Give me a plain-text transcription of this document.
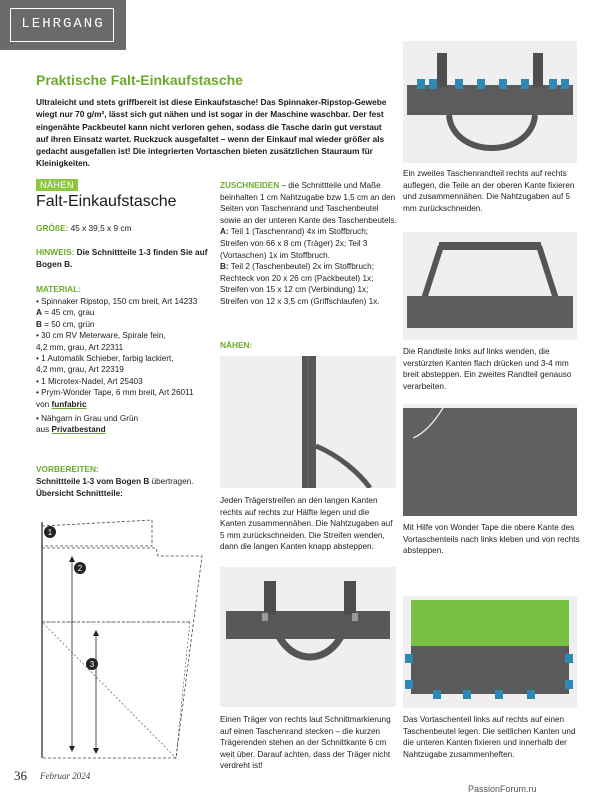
LEHRGANG
Praktische Falt-Einkaufstasche
Ultraleicht und stets griffbereit ist diese Einkaufstasche! Das Spinnaker-Ripstop-Gewebe wiegt nur 70 g/m², lässt sich gut nähen und ist sogar in der Maschine waschbar. Der fest eingenähte Packbeutel kann nicht verloren gehen, sodass die Tasche darin gut verstaut auf ihren Einsatz wartet. Ruckzuck ausgefaltet – wenn der Einkauf mal wieder größer als gedacht ausgefallen ist! Die integrierten Vortaschen bieten zusätzlichen Stauraum für Kleinigkeiten.
NÄHEN
Falt-Einkaufstasche
GRÖßE: 45 x 39,5 x 9 cm
HINWEIS: Die Schnittteile 1-3 finden Sie auf Bogen B.
MATERIAL:

• Spinnaker Ripstop, 150 cm breit, Art 14233

A = 45 cm, grau

B = 50 cm, grün

• 30 cm RV Meterware, Spirale fein,

4,2 mm, grau, Art 22311

• 1 Automatik Schieber, farbig lackiert,

4,2 mm, grau, Art 22319

• 1 Microtex-Nadel, Art 25403

• Prym-Wonder Tape, 6 mm breit, Art 26011

von funfabric

• Nähgarn in Grau und Grün

aus Privatbestand

VORBEREITEN:
Schnittteile 1-3 vom Bogen B übertragen.
Übersicht Schnittteile:
1
2
3

ZUSCHNEIDEN – die Schnittteile und Maße beinhalten 1 cm Nahtzugabe bzw 1,5 cm an den Seiten von Taschenrand und Taschenbeutel sowie an der unteren Kante des Taschenbeutels.

A: Teil 1 (Taschenrand) 4x im Stoffbruch; Streifen von 66 x 8 cm (Träger) 2x; Teil 3 (Vortaschen) 1x im Stoffbruch.

B: Teil 2 (Taschenbeutel) 2x im Stoffbruch; Rechteck von 20 x 26 cm (Packbeutel) 1x; Streifen von 15 x 12 cm (Verbindung) 1x; Streifen von 12 x 3,5 cm (Griffschlaufen) 1x.

NÄHEN:
Jeden Trägerstreifen an den langen Kanten rechts auf rechts zur Hälfte legen und die Kanten zusammennähen. Die Nahtzugaben auf 5 mm zurückschneiden. Die Streifen wenden, dann die langen Kanten knapp absteppen.
Einen Träger von rechts laut Schnittmarkierung auf einen Taschenrand stecken – die kurzen Trägerenden stehen an der Schnittkante 6 cm weit über. Darauf achten, dass der Träger nicht verdreht ist!
Ein zweites Taschenrandteil rechts auf rechts auflegen, die Teile an der oberen Kante fixieren und zusammennähen. Die Nahtzugaben auf 5 mm zurückschneiden.
Die Randteile links auf links wenden, die verstürzten Kanten flach drücken und 3-4 mm breit absteppen. Ein zweites Randteil genauso verarbeiten.
Mit Hilfe von Wonder Tape die obere Kante des Vortaschenteils nach links kleben und von rechts absteppen.
Das Vortaschenteil links auf rechts auf einen Taschenbeutel legen. Die seitlichen Kanten und die unteren Kanten fixieren und innerhalb der Nahtzugabe zusammenheften.
36 Februar 2024
PassionForum.ru
